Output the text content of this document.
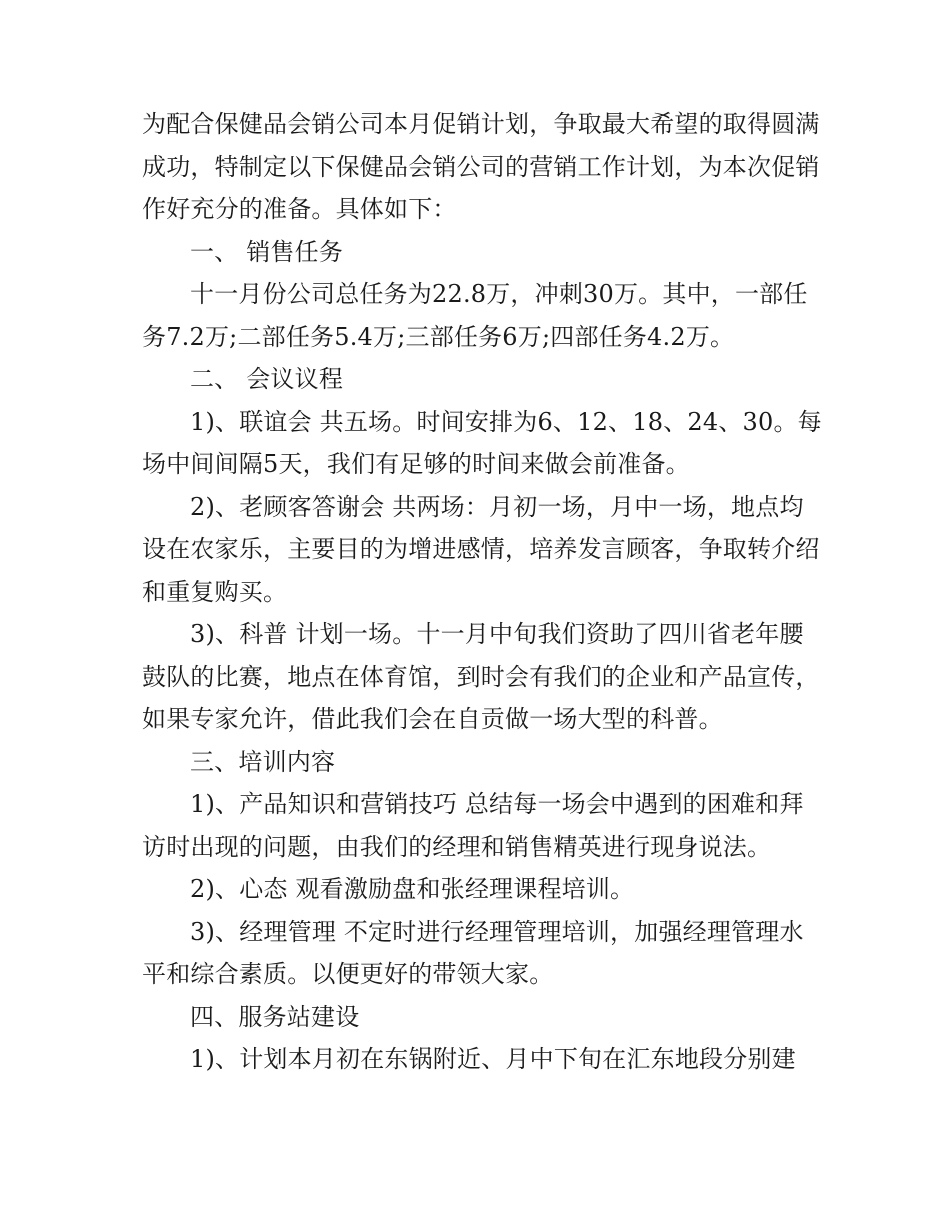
为配合保健品会销公司本月促销计划，争取最大希望的取得圆满成功，特制定以下保健品会销公司的营销工作计划，为本次促销作好充分的准备。具体如下：

一、 销售任务

十一月份公司总任务为22.8万，冲刺30万。其中，一部任务7.2万;二部任务5.4万;三部任务6万;四部任务4.2万。

二、 会议议程

1)、联谊会 共五场。时间安排为6、12、18、24、30。每场中间间隔5天，我们有足够的时间来做会前准备。

2)、老顾客答谢会 共两场：月初一场，月中一场，地点均设在农家乐，主要目的为增进感情，培养发言顾客，争取转介绍和重复购买。

3)、科普 计划一场。十一月中旬我们资助了四川省老年腰鼓队的比赛，地点在体育馆，到时会有我们的企业和产品宣传，如果专家允许，借此我们会在自贡做一场大型的科普。

三、培训内容

1)、产品知识和营销技巧 总结每一场会中遇到的困难和拜访时出现的问题，由我们的经理和销售精英进行现身说法。

2)、心态 观看激励盘和张经理课程培训。

3)、经理管理 不定时进行经理管理培训，加强经理管理水平和综合素质。以便更好的带领大家。

四、服务站建设

1)、计划本月初在东锅附近、月中下旬在汇东地段分别建
